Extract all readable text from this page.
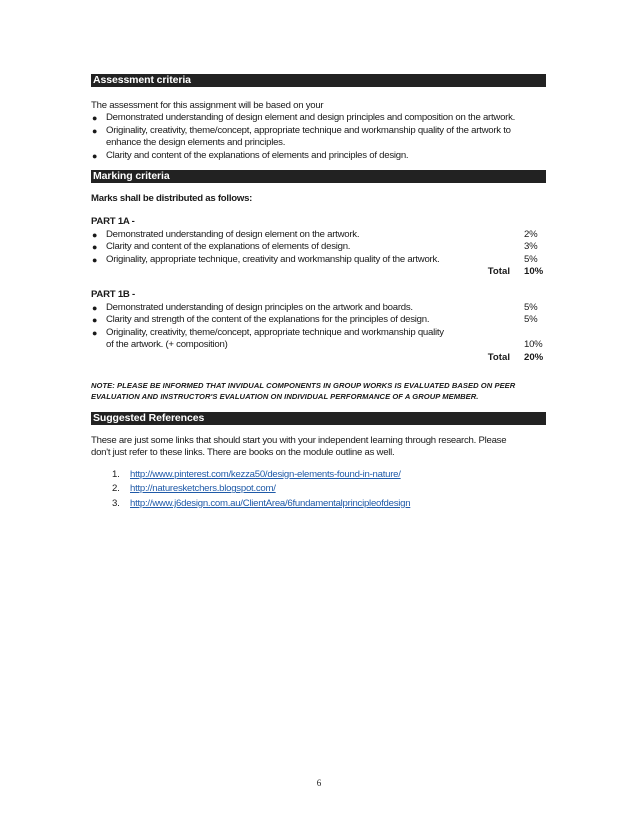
Assessment criteria
The assessment for this assignment will be based on your
● Demonstrated understanding of design element and design principles and composition on the artwork.
● Originality, creativity, theme/concept, appropriate technique and workmanship quality of the artwork to
enhance the design elements and principles.
● Clarity and content of the explanations of elements and principles of design.
Marking criteria
Marks shall be distributed as follows:
PART 1A -
● Demonstrated understanding of design element on the artwork.	2%
● Clarity and content of the explanations of elements of design.	3%
● Originality, appropriate technique, creativity and workmanship quality of the artwork.	5%
Total 10%
PART 1B -
● Demonstrated understanding of design principles on the artwork and boards.	5%
● Clarity and strength of the content of the explanations for the principles of design.	5%
● Originality, creativity, theme/concept, appropriate technique and workmanship quality
of the artwork. (+ composition)	10%
Total 20%
NOTE: PLEASE BE INFORMED THAT INVIDUAL COMPONENTS IN GROUP WORKS IS EVALUATED BASED ON PEER
EVALUATION AND INSTRUCTOR'S EVALUATION ON INDIVIDUAL PERFORMANCE OF A GROUP MEMBER.
Suggested References
These are just some links that should start you with your independent learning through research. Please
don't just refer to these links. There are books on the module outline as well.
1.	http://www.pinterest.com/kezza50/design-elements-found-in-nature/
2.	http://naturesketchers.blogspot.com/
3.	http://www.j6design.com.au/ClientArea/6fundamentalprincipleofdesign
6
